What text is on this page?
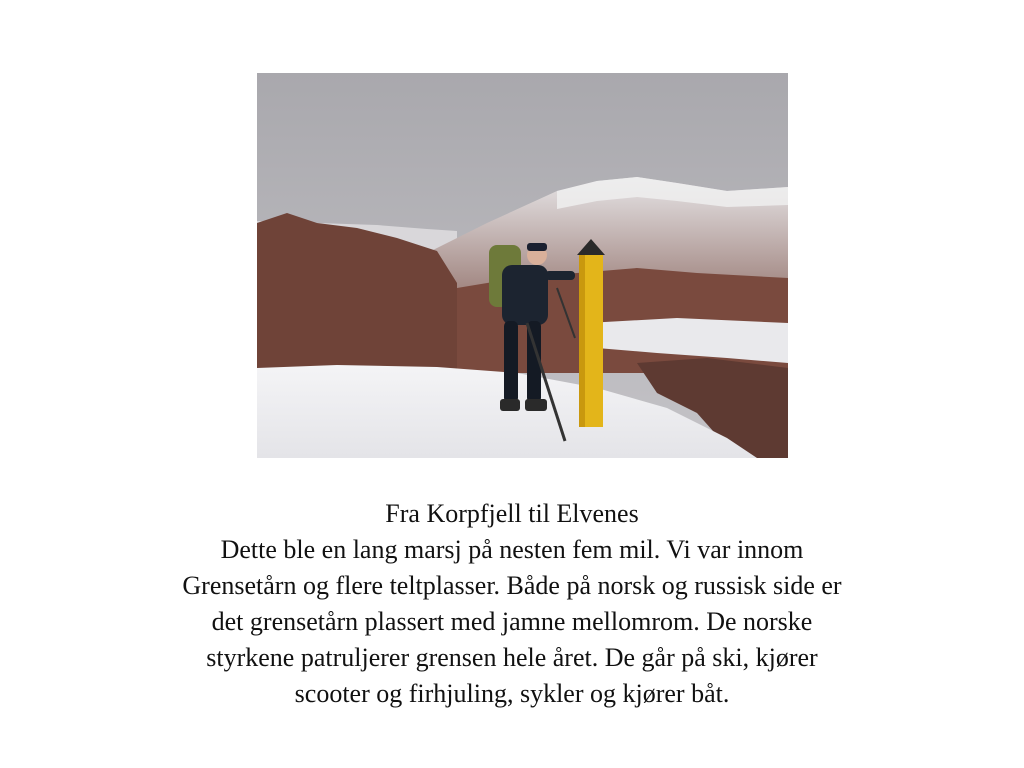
Fra Korpfjell til Elvenes
Dette ble en lang marsj på nesten fem mil. Vi var innom Grensetårn og flere teltplasser. Både på norsk og russisk side er det grensetårn plassert med jamne mellomrom. De norske styrkene patruljerer grensen hele året. De går på ski, kjører scooter og firhjuling, sykler og kjører båt.
